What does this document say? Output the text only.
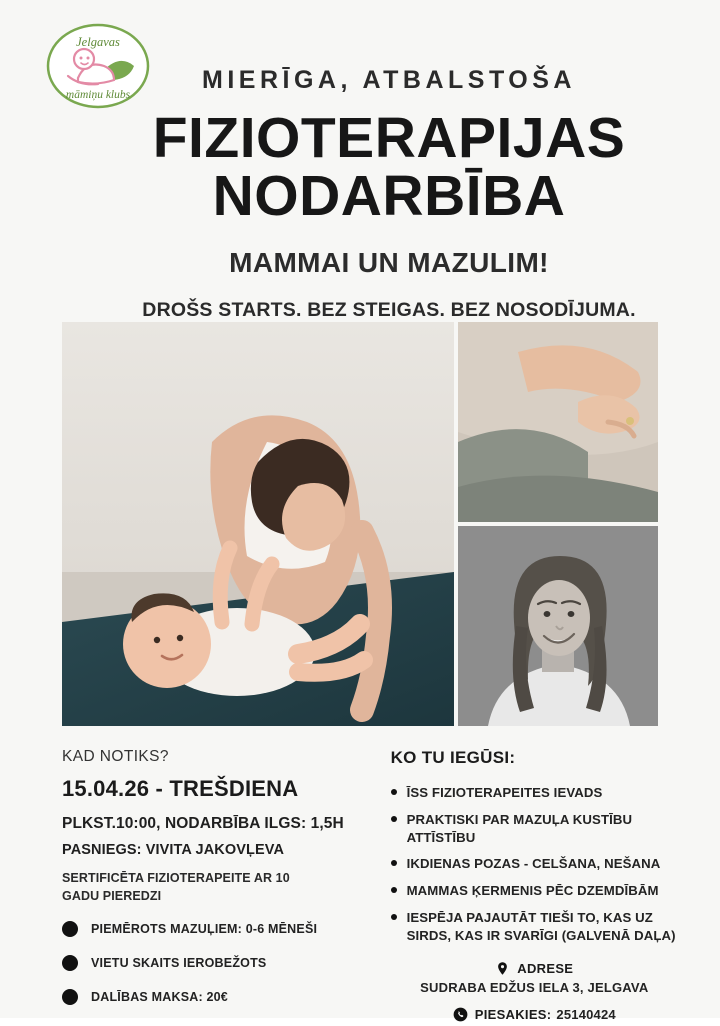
Jelgavas
māmiņu klubs
MIERĪGA, ATBALSTOŠA
FIZIOTERAPIJAS
NODARBĪBA
MAMMAI UN MAZULIM!
DROŠS STARTS. BEZ STEIGAS. BEZ NOSODĪJUMA.
KAD NOTIKS?
15.04.26 - TREŠDIENA
PLKST.10:00, NODARBĪBA ILGS: 1,5H
PASNIEGS: VIVITA JAKOVĻEVA
SERTIFICĒTA FIZIOTERAPEITE AR 10 GADU PIEREDZI
PIEMĒROTS MAZUĻIEM: 0-6 MĒNEŠI
VIETU SKAITS IEROBEŽOTS
DALĪBAS MAKSA: 20€
KO TU IEGŪSI:
ĪSS FIZIOTERAPEITES IEVADS
PRAKTISKI PAR MAZUĻA KUSTĪBU ATTĪSTĪBU
IKDIENAS POZAS - CELŠANA, NEŠANA
MAMMAS ĶERMENIS PĒC DZEMDĪBĀM
IESPĒJA PAJAUTĀT TIEŠI TO, KAS UZ SIRDS, KAS IR SVARĪGI (GALVENĀ DAĻA)
ADRESE
SUDRABA EDŽUS IELA 3, JELGAVA
PIESAKIES: 25140424
